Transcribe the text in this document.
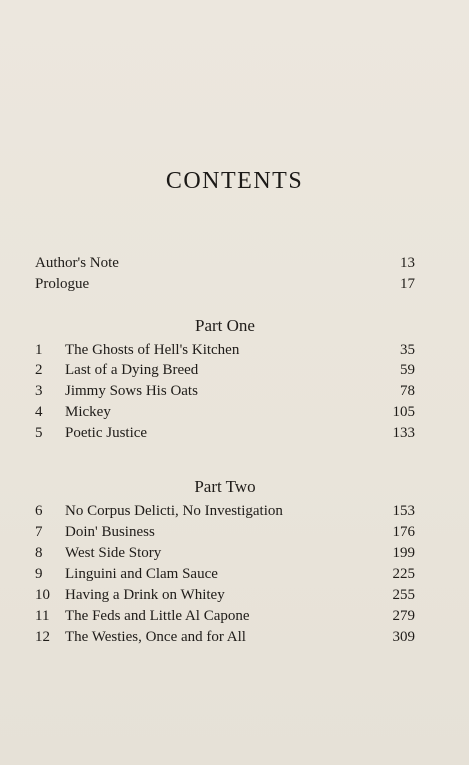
CONTENTS
Author's Note	13
Prologue	17
Part One
1	The Ghosts of Hell's Kitchen	35
2	Last of a Dying Breed	59
3	Jimmy Sows His Oats	78
4	Mickey	105
5	Poetic Justice	133
Part Two
6	No Corpus Delicti, No Investigation	153
7	Doin' Business	176
8	West Side Story	199
9	Linguini and Clam Sauce	225
10	Having a Drink on Whitey	255
11	The Feds and Little Al Capone	279
12	The Westies, Once and for All	309
